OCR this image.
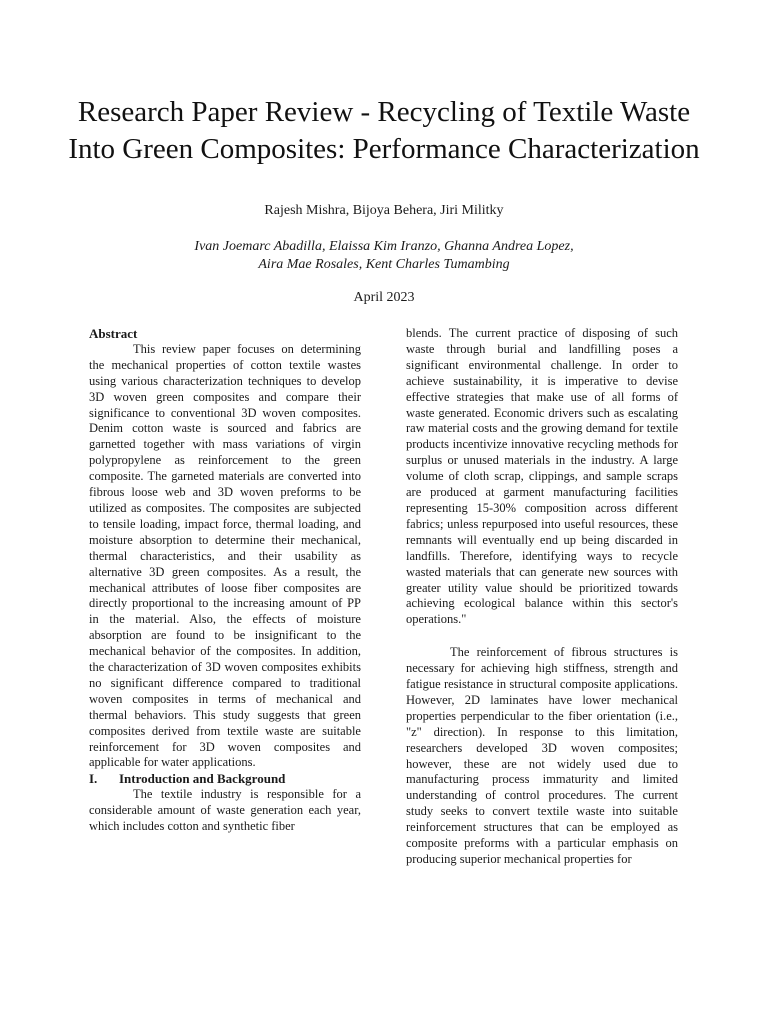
Research Paper Review - Recycling of Textile Waste Into Green Composites: Performance Characterization
Rajesh Mishra, Bijoya Behera, Jiri Militky
Ivan Joemarc Abadilla, Elaissa Kim Iranzo, Ghanna Andrea Lopez,
Aira Mae Rosales, Kent Charles Tumambing
April 2023

Abstract

This review paper focuses on determining the mechanical properties of cotton textile wastes using various characterization techniques to develop 3D woven green composites and compare their significance to conventional 3D woven composites. Denim cotton waste is sourced and fabrics are garnetted together with mass variations of virgin polypropylene as reinforcement to the green composite. The garneted materials are converted into fibrous loose web and 3D woven preforms to be utilized as composites. The composites are subjected to tensile loading, impact force, thermal loading, and moisture absorption to determine their mechanical, thermal characteristics, and their usability as alternative 3D green composites. As a result, the mechanical attributes of loose fiber composites are directly proportional to the increasing amount of PP in the material. Also, the effects of moisture absorption are found to be insignificant to the mechanical behavior of the composites. In addition, the characterization of 3D woven composites exhibits no significant difference compared to traditional woven composites in terms of mechanical and thermal behaviors. This study suggests that green composites derived from textile waste are suitable reinforcement for 3D woven composites and applicable for water applications.

I. Introduction and Background

The textile industry is responsible for a considerable amount of waste generation each year, which includes cotton and synthetic fiber

blends. The current practice of disposing of such waste through burial and landfilling poses a significant environmental challenge. In order to achieve sustainability, it is imperative to devise effective strategies that make use of all forms of waste generated. Economic drivers such as escalating raw material costs and the growing demand for textile products incentivize innovative recycling methods for surplus or unused materials in the industry. A large volume of cloth scrap, clippings, and sample scraps are produced at garment manufacturing facilities representing 15-30% composition across different fabrics; unless repurposed into useful resources, these remnants will eventually end up being discarded in landfills. Therefore, identifying ways to recycle wasted materials that can generate new sources with greater utility value should be prioritized towards achieving ecological balance within this sector's operations."

The reinforcement of fibrous structures is necessary for achieving high stiffness, strength and fatigue resistance in structural composite applications. However, 2D laminates have lower mechanical properties perpendicular to the fiber orientation (i.e., "z" direction). In response to this limitation, researchers developed 3D woven composites; however, these are not widely used due to manufacturing process immaturity and limited understanding of control procedures. The current study seeks to convert textile waste into suitable reinforcement structures that can be employed as composite preforms with a particular emphasis on producing superior mechanical properties for
